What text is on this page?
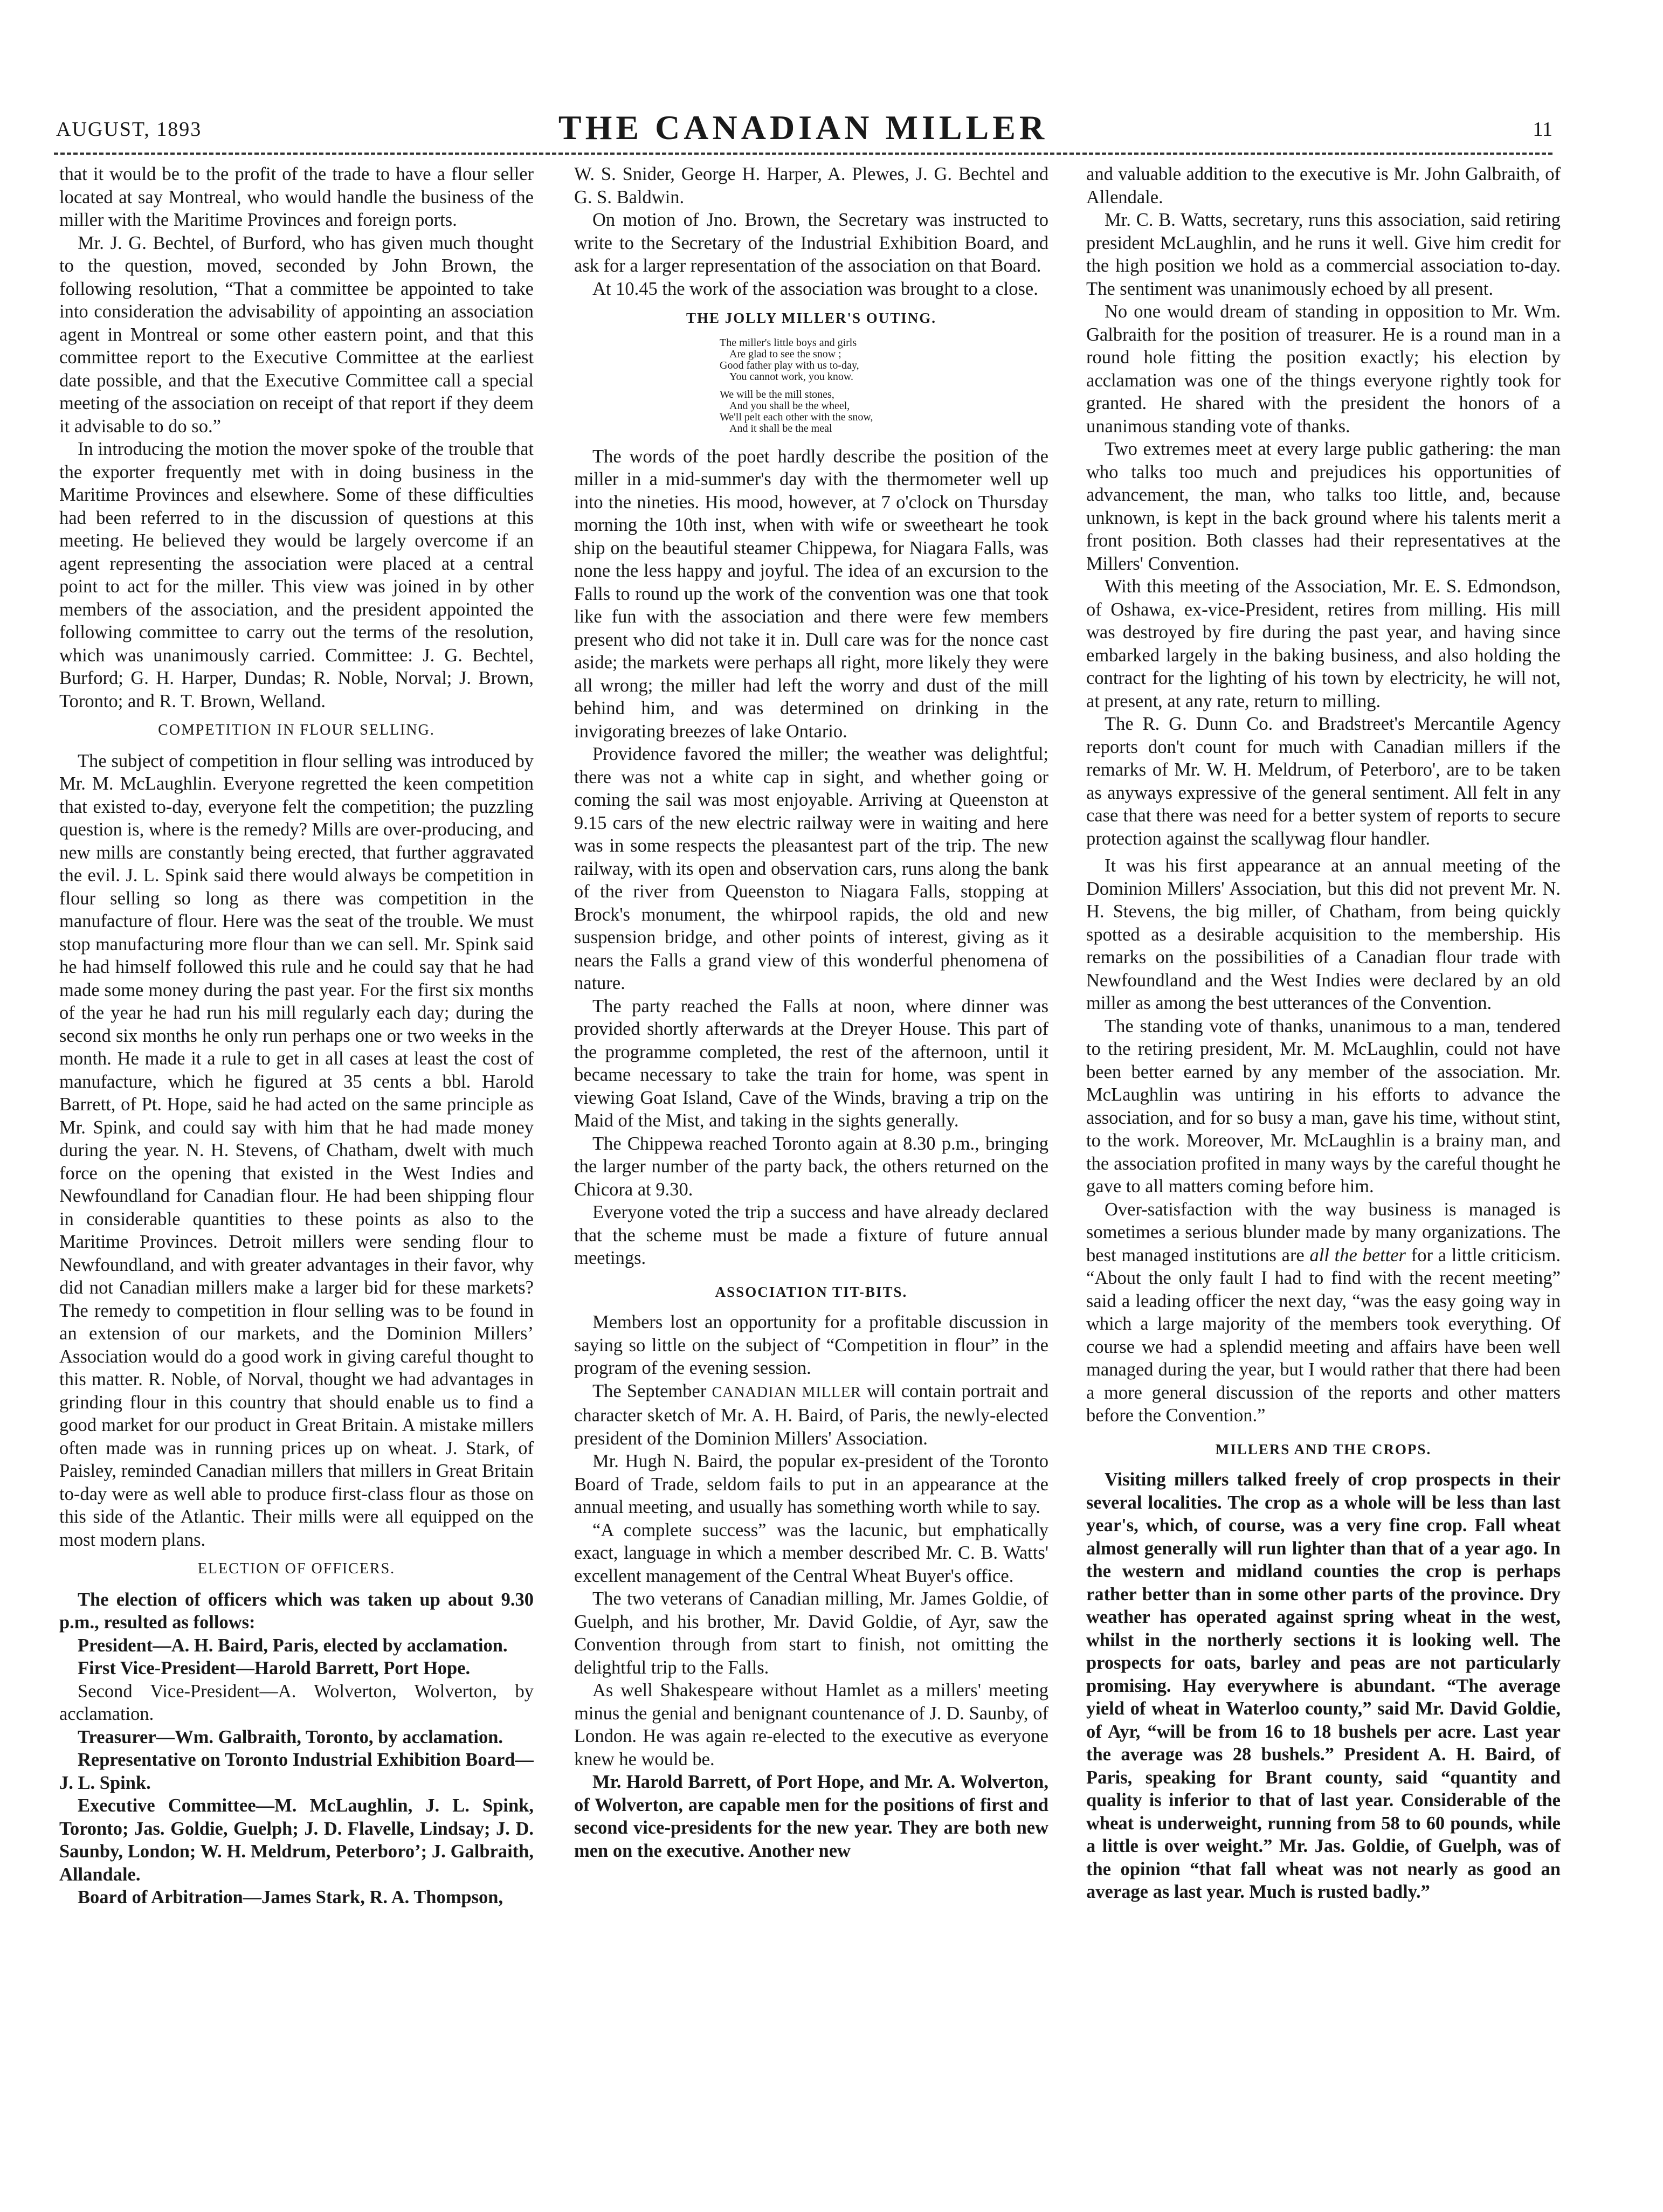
AUGUST, 1893	THE CANADIAN MILLER	11

that it would be to the profit of the trade to have a flour seller located at say Montreal, who would handle the business of the miller with the Maritime Provinces and foreign ports.

Mr. J. G. Bechtel, of Burford, who has given much thought to the question, moved, seconded by John Brown, the following resolution, “That a committee be appointed to take into consideration the advisability of appointing an association agent in Montreal or some other eastern point, and that this committee report to the Executive Committee at the earliest date possible, and that the Executive Committee call a special meeting of the association on receipt of that report if they deem it advisable to do so.”

In introducing the motion the mover spoke of the trouble that the exporter frequently met with in doing business in the Maritime Provinces and elsewhere. Some of these difficulties had been referred to in the discussion of questions at this meeting. He believed they would be largely overcome if an agent representing the association were placed at a central point to act for the miller. This view was joined in by other members of the association, and the president appointed the following committee to carry out the terms of the resolution, which was unanimously carried. Committee: J. G. Bechtel, Burford; G. H. Harper, Dundas; R. Noble, Norval; J. Brown, Toronto; and R. T. Brown, Welland.

COMPETITION IN FLOUR SELLING.

The subject of competition in flour selling was introduced by Mr. M. McLaughlin. Everyone regretted the keen competition that existed to-day, everyone felt the competition; the puzzling question is, where is the remedy? Mills are over-producing, and new mills are constantly being erected, that further aggravated the evil. J. L. Spink said there would always be competition in flour selling so long as there was competition in the manufacture of flour. Here was the seat of the trouble. We must stop manufacturing more flour than we can sell. Mr. Spink said he had himself followed this rule and he could say that he had made some money during the past year. For the first six months of the year he had run his mill regularly each day; during the second six months he only run perhaps one or two weeks in the month. He made it a rule to get in all cases at least the cost of manufacture, which he figured at 35 cents a bbl. Harold Barrett, of Pt. Hope, said he had acted on the same principle as Mr. Spink, and could say with him that he had made money during the year. N. H. Stevens, of Chatham, dwelt with much force on the opening that existed in the West Indies and Newfoundland for Canadian flour. He had been shipping flour in considerable quantities to these points as also to the Maritime Provinces. Detroit millers were sending flour to Newfoundland, and with greater advantages in their favor, why did not Canadian millers make a larger bid for these markets? The remedy to competition in flour selling was to be found in an extension of our markets, and the Dominion Millers’ Association would do a good work in giving careful thought to this matter. R. Noble, of Norval, thought we had advantages in grinding flour in this country that should enable us to find a good market for our product in Great Britain. A mistake millers often made was in running prices up on wheat. J. Stark, of Paisley, reminded Canadian millers that millers in Great Britain to-day were as well able to produce first-class flour as those on this side of the Atlantic. Their mills were all equipped on the most modern plans.

ELECTION OF OFFICERS.

The election of officers which was taken up about 9.30 p.m., resulted as follows:

President—A. H. Baird, Paris, elected by acclamation.

First Vice-President—Harold Barrett, Port Hope.

Second Vice-President—A. Wolverton, Wolverton, by acclamation.

Treasurer—Wm. Galbraith, Toronto, by acclamation.

Representative on Toronto Industrial Exhibition Board—J. L. Spink.

Executive Committee—M. McLaughlin, J. L. Spink, Toronto; Jas. Goldie, Guelph; J. D. Flavelle, Lindsay; J. D. Saunby, London; W. H. Meldrum, Peterboro’; J. Galbraith, Allandale.

Board of Arbitration—James Stark, R. A. Thompson,

W. S. Snider, George H. Harper, A. Plewes, J. G. Bechtel and G. S. Baldwin.

On motion of Jno. Brown, the Secretary was instructed to write to the Secretary of the Industrial Exhibition Board, and ask for a larger representation of the association on that Board.

At 10.45 the work of the association was brought to a close.

THE JOLLY MILLER'S OUTING.
The miller's little boys and girls
Are glad to see the snow ;
Good father play with us to-day,
You cannot work, you know.
We will be the mill stones,
And you shall be the wheel,
We'll pelt each other with the snow,
And it shall be the meal

The words of the poet hardly describe the position of the miller in a mid-summer's day with the thermometer well up into the nineties. His mood, however, at 7 o'clock on Thursday morning the 10th inst, when with wife or sweetheart he took ship on the beautiful steamer Chippewa, for Niagara Falls, was none the less happy and joyful. The idea of an excursion to the Falls to round up the work of the convention was one that took like fun with the association and there were few members present who did not take it in. Dull care was for the nonce cast aside; the markets were perhaps all right, more likely they were all wrong; the miller had left the worry and dust of the mill behind him, and was determined on drinking in the invigorating breezes of lake Ontario.

Providence favored the miller; the weather was delightful; there was not a white cap in sight, and whether going or coming the sail was most enjoyable. Arriving at Queenston at 9.15 cars of the new electric railway were in waiting and here was in some respects the pleasantest part of the trip. The new railway, with its open and observation cars, runs along the bank of the river from Queenston to Niagara Falls, stopping at Brock's monument, the whirpool rapids, the old and new suspension bridge, and other points of interest, giving as it nears the Falls a grand view of this wonderful phenomena of nature.

The party reached the Falls at noon, where dinner was provided shortly afterwards at the Dreyer House. This part of the programme completed, the rest of the afternoon, until it became necessary to take the train for home, was spent in viewing Goat Island, Cave of the Winds, braving a trip on the Maid of the Mist, and taking in the sights generally.

The Chippewa reached Toronto again at 8.30 p.m., bringing the larger number of the party back, the others returned on the Chicora at 9.30.

Everyone voted the trip a success and have already declared that the scheme must be made a fixture of future annual meetings.

ASSOCIATION TIT-BITS.

Members lost an opportunity for a profitable discussion in saying so little on the subject of “Competition in flour” in the program of the evening session.

The September CANADIAN MILLER will contain portrait and character sketch of Mr. A. H. Baird, of Paris, the newly-elected president of the Dominion Millers' Association.

Mr. Hugh N. Baird, the popular ex-president of the Toronto Board of Trade, seldom fails to put in an appearance at the annual meeting, and usually has something worth while to say.

“A complete success” was the lacunic, but emphatically exact, language in which a member described Mr. C. B. Watts' excellent management of the Central Wheat Buyer's office.

The two veterans of Canadian milling, Mr. James Goldie, of Guelph, and his brother, Mr. David Goldie, of Ayr, saw the Convention through from start to finish, not omitting the delightful trip to the Falls.

As well Shakespeare without Hamlet as a millers' meeting minus the genial and benignant countenance of J. D. Saunby, of London. He was again re-elected to the executive as everyone knew he would be.

Mr. Harold Barrett, of Port Hope, and Mr. A. Wolverton, of Wolverton, are capable men for the positions of first and second vice-presidents for the new year. They are both new men on the executive. Another new

and valuable addition to the executive is Mr. John Galbraith, of Allendale.

Mr. C. B. Watts, secretary, runs this association, said retiring president McLaughlin, and he runs it well. Give him credit for the high position we hold as a commercial association to-day. The sentiment was unanimously echoed by all present.

No one would dream of standing in opposition to Mr. Wm. Galbraith for the position of treasurer. He is a round man in a round hole fitting the position exactly; his election by acclamation was one of the things everyone rightly took for granted. He shared with the president the honors of a unanimous standing vote of thanks.

Two extremes meet at every large public gathering: the man who talks too much and prejudices his opportunities of advancement, the man, who talks too little, and, because unknown, is kept in the back ground where his talents merit a front position. Both classes had their representatives at the Millers' Convention.

With this meeting of the Association, Mr. E. S. Edmondson, of Oshawa, ex-vice-President, retires from milling. His mill was destroyed by fire during the past year, and having since embarked largely in the baking business, and also holding the contract for the lighting of his town by electricity, he will not, at present, at any rate, return to milling.

The R. G. Dunn Co. and Bradstreet's Mercantile Agency reports don't count for much with Canadian millers if the remarks of Mr. W. H. Meldrum, of Peterboro', are to be taken as anyways expressive of the general sentiment. All felt in any case that there was need for a better system of reports to secure protection against the scallywag flour handler.

It was his first appearance at an annual meeting of the Dominion Millers' Association, but this did not prevent Mr. N. H. Stevens, the big miller, of Chatham, from being quickly spotted as a desirable acquisition to the membership. His remarks on the possibilities of a Canadian flour trade with Newfoundland and the West Indies were declared by an old miller as among the best utterances of the Convention.

The standing vote of thanks, unanimous to a man, tendered to the retiring president, Mr. M. McLaughlin, could not have been better earned by any member of the association. Mr. McLaughlin was untiring in his efforts to advance the association, and for so busy a man, gave his time, without stint, to the work. Moreover, Mr. McLaughlin is a brainy man, and the association profited in many ways by the careful thought he gave to all matters coming before him.

Over-satisfaction with the way business is managed is sometimes a serious blunder made by many organizations. The best managed institutions are all the better for a little criticism. “About the only fault I had to find with the recent meeting” said a leading officer the next day, “was the easy going way in which a large majority of the members took everything. Of course we had a splendid meeting and affairs have been well managed during the year, but I would rather that there had been a more general discussion of the reports and other matters before the Convention.”

MILLERS AND THE CROPS.

Visiting millers talked freely of crop prospects in their several localities. The crop as a whole will be less than last year's, which, of course, was a very fine crop. Fall wheat almost generally will run lighter than that of a year ago. In the western and midland counties the crop is perhaps rather better than in some other parts of the province. Dry weather has operated against spring wheat in the west, whilst in the northerly sections it is looking well. The prospects for oats, barley and peas are not particularly promising. Hay everywhere is abundant. “The average yield of wheat in Waterloo county,” said Mr. David Goldie, of Ayr, “will be from 16 to 18 bushels per acre. Last year the average was 28 bushels.” President A. H. Baird, of Paris, speaking for Brant county, said “quantity and quality is inferior to that of last year. Considerable of the wheat is underweight, running from 58 to 60 pounds, while a little is over weight.” Mr. Jas. Goldie, of Guelph, was of the opinion “that fall wheat was not nearly as good an average as last year. Much is rusted badly.”
